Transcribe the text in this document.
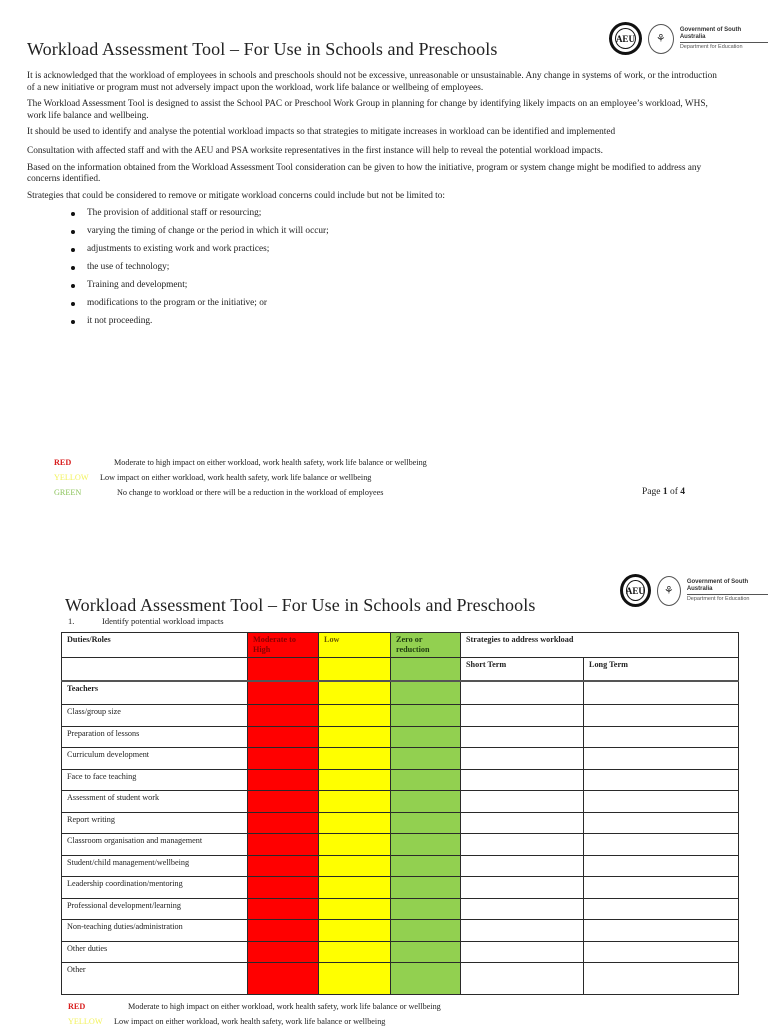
Workload Assessment Tool – For Use in Schools and Preschools
AEU	⚘
Government of South Australia
Department for Education

It is acknowledged that the workload of employees in schools and preschools should not be excessive, unreasonable or unsustainable. Any change in systems of work, or the introduction of a new initiative or program must not adversely impact upon the workload, work life balance or wellbeing of employees.

The Workload Assessment Tool is designed to assist the School PAC or Preschool Work Group in planning for change by identifying likely impacts on an employee’s workload, WHS, work life balance and wellbeing.

It should be used to identify and analyse the potential workload impacts so that strategies to mitigate increases in workload can be identified and implemented

Consultation with affected staff and with the AEU and PSA worksite representatives in the first instance will help to reveal the potential workload impacts.

Based on the information obtained from the Workload Assessment Tool consideration can be given to how the initiative, program or system change might be modified to address any concerns identified.

Strategies that could be considered to remove or mitigate workload concerns could include but not be limited to:

The provision of additional staff or resourcing;
varying the timing of change or the period in which it will occur;
adjustments to existing work and work practices;
the use of technology;
Training and development;
modifications to the program or the initiative; or
it not proceeding.
RED	Moderate to high impact on either workload, work health safety, work life balance or wellbeing
YELLOW Low impact on either workload, work health safety, work life balance or wellbeing
GREEN	No change to workload or there will be a reduction in the workload of employees	Page 1 of 4
Workload Assessment Tool – For Use in Schools and Preschools
AEU	⚘
Government of South Australia
Department for Education
1.	Identify potential workload impacts
Duties/Roles	Moderate to High	Low	Zero or reduction	Strategies to address workload	
				Short Term	Long Term
Teachers					
Class/group size					
Preparation of lessons					
Curriculum development					
Face to face teaching					
Assessment of student work					
Report writing					
Classroom organisation and management					
Student/child management/wellbeing					
Leadership coordination/mentoring					
Professional development/learning					
Non-teaching duties/administration					
Other duties					
Other					
RED	Moderate to high impact on either workload, work health safety, work life balance or wellbeing
YELLOW Low impact on either workload, work health safety, work life balance or wellbeing
